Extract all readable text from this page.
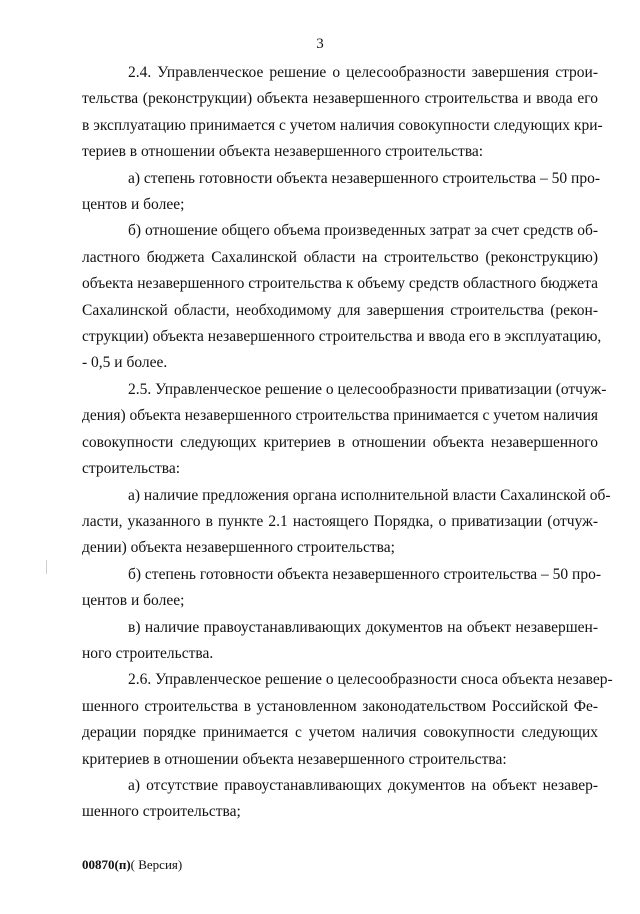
3

2.4. Управленческое решение о целесообразности завершения строи-
тельства (реконструкции) объекта незавершенного строительства и ввода его
в эксплуатацию принимается с учетом наличия совокупности следующих кри-
териев в отношении объекта незавершенного строительства:

а) степень готовности объекта незавершенного строительства – 50 про-
центов и более;

б) отношение общего объема произведенных затрат за счет средств об-
ластного бюджета Сахалинской области на строительство (реконструкцию)
объекта незавершенного строительства к объему средств областного бюджета
Сахалинской области, необходимому для завершения строительства (рекон-
струкции) объекта незавершенного строительства и ввода его в эксплуатацию,
- 0,5 и более.

2.5. Управленческое решение о целесообразности приватизации (отчуж-
дения) объекта незавершенного строительства принимается с учетом наличия
совокупности следующих критериев в отношении объекта незавершенного
строительства:

а) наличие предложения органа исполнительной власти Сахалинской об-
ласти, указанного в пункте 2.1 настоящего Порядка, о приватизации (отчуж-
дении) объекта незавершенного строительства;

б) степень готовности объекта незавершенного строительства – 50 про-
центов и более;

в) наличие правоустанавливающих документов на объект незавершен-
ного строительства.

2.6. Управленческое решение о целесообразности сноса объекта незавер-
шенного строительства в установленном законодательством Российской Фе-
дерации порядке принимается с учетом наличия совокупности следующих
критериев в отношении объекта незавершенного строительства:

а) отсутствие правоустанавливающих документов на объект незавер-
шенного строительства;

00870(п)( Версия)
